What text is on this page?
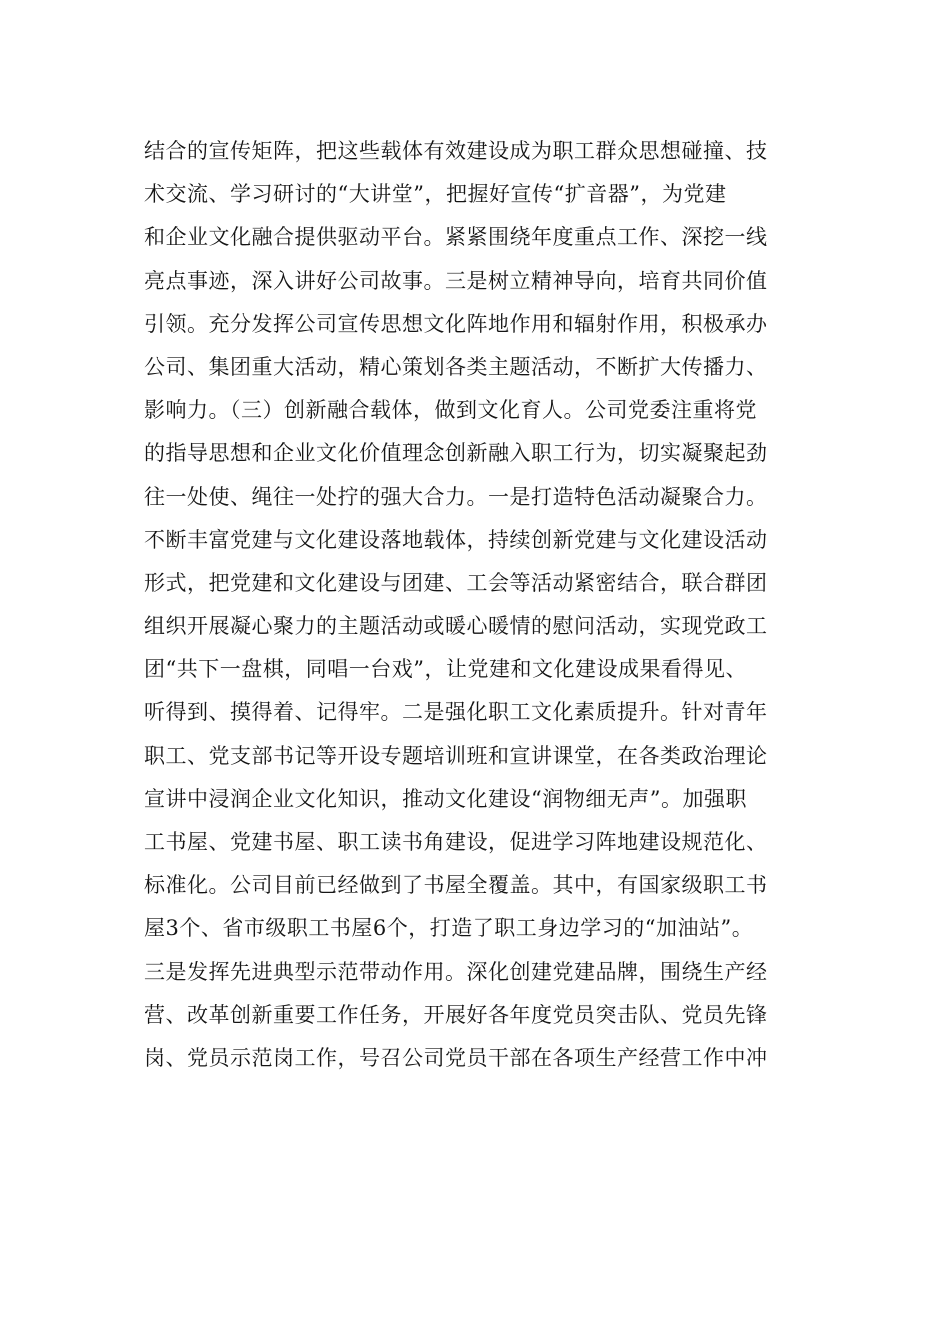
结合的宣传矩阵，把这些载体有效建设成为职工群众思想碰撞、技
术交流、学习研讨的“大讲堂”，把握好宣传“扩音器”，为党建
和企业文化融合提供驱动平台。紧紧围绕年度重点工作、深挖一线
亮点事迹，深入讲好公司故事。三是树立精神导向，培育共同价值
引领。充分发挥公司宣传思想文化阵地作用和辐射作用，积极承办
公司、集团重大活动，精心策划各类主题活动，不断扩大传播力、
影响力。（三）创新融合载体，做到文化育人。公司党委注重将党
的指导思想和企业文化价值理念创新融入职工行为，切实凝聚起劲
往一处使、绳往一处拧的强大合力。一是打造特色活动凝聚合力。
不断丰富党建与文化建设落地载体，持续创新党建与文化建设活动
形式，把党建和文化建设与团建、工会等活动紧密结合，联合群团
组织开展凝心聚力的主题活动或暖心暖情的慰问活动，实现党政工
团“共下一盘棋，同唱一台戏”，让党建和文化建设成果看得见、
听得到、摸得着、记得牢。二是强化职工文化素质提升。针对青年
职工、党支部书记等开设专题培训班和宣讲课堂，在各类政治理论
宣讲中浸润企业文化知识，推动文化建设“润物细无声”。加强职
工书屋、党建书屋、职工读书角建设，促进学习阵地建设规范化、
标准化。公司目前已经做到了书屋全覆盖。其中，有国家级职工书
屋3个、省市级职工书屋6个，打造了职工身边学习的“加油站”。
三是发挥先进典型示范带动作用。深化创建党建品牌，围绕生产经
营、改革创新重要工作任务，开展好各年度党员突击队、党员先锋
岗、党员示范岗工作，号召公司党员干部在各项生产经营工作中冲
